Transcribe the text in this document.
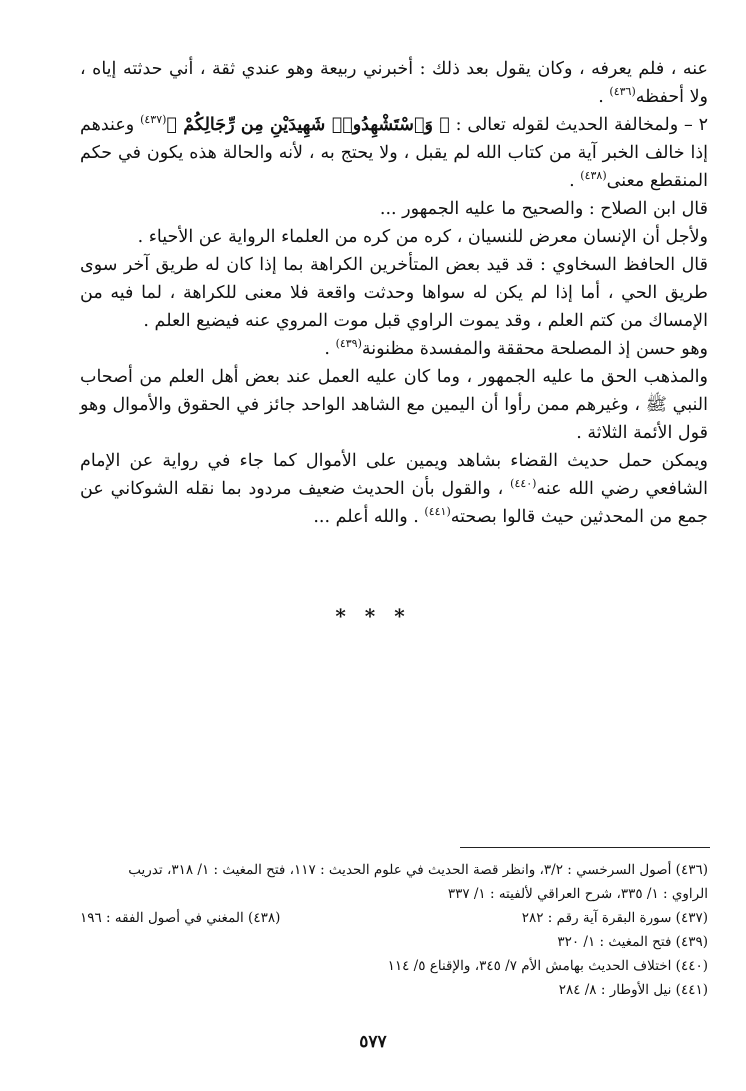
عنه ، فلم يعرفه ، وكان يقول بعد ذلك : أخبرني ربيعة وهو عندي ثقة ، أني حدثته إياه ، ولا أحفظه$^{(٤٣٦)}$ .

٢ – ولمخالفة الحديث لقوله تعالى : ﴿ وَٱسْتَشْهِدُوا۟ شَهِيدَيْنِ مِن رِّجَالِكُمْ ﴾$^{(٤٣٧)}$ وعندهم إذا خالف الخبر آية من كتاب الله لم يقبل ، ولا يحتج به ، لأنه والحالة هذه يكون في حكم المنقطع معنى$^{(٤٣٨)}$ .

قال ابن الصلاح : والصحيح ما عليه الجمهور ...

ولأجل أن الإنسان معرض للنسيان ، كره من كره من العلماء الرواية عن الأحياء .

قال الحافظ السخاوي : قد قيد بعض المتأخرين الكراهة بما إذا كان له طريق آخر سوى طريق الحي ، أما إذا لم يكن له سواها وحدثت واقعة فلا معنى للكراهة ، لما فيه من الإمساك من كتم العلم ، وقد يموت الراوي قبل موت المروي عنه فيضيع العلم .

وهو حسن إذ المصلحة محققة والمفسدة مظنونة$^{(٤٣٩)}$ .

والمذهب الحق ما عليه الجمهور ، وما كان عليه العمل عند بعض أهل العلم من أصحاب النبي ﷺ ، وغيرهم ممن رأوا أن اليمين مع الشاهد الواحد جائز في الحقوق والأموال وهو قول الأئمة الثلاثة .

ويمكن حمل حديث القضاء بشاهد ويمين على الأموال كما جاء في رواية عن الإمام الشافعي رضي الله عنه$^{(٤٤٠)}$ ، والقول بأن الحديث ضعيف مردود بما نقله الشوكاني عن جمع من المحدثين حيث قالوا بصحته$^{(٤٤١)}$ . والله أعلم ...

* * *
(٤٣٦) أصول السرخسي : ٣/٢، وانظر قصة الحديث في علوم الحديث : ١١٧، فتح المغيث : ١/ ٣١٨، تدريب
الراوي : ١/ ٣٣٥، شرح العراقي لألفيته : ١/ ٣٣٧
(٤٣٧) سورة البقرة آية رقم : ٢٨٢
(٤٣٨) المغني في أصول الفقه : ١٩٦
(٤٣٩) فتح المغيث : ١/ ٣٢٠
(٤٤٠) اختلاف الحديث بهامش الأم ٧/ ٣٤٥، والإقناع ٥/ ١١٤
(٤٤١) نيل الأوطار : ٨/ ٢٨٤
٥٧٧
